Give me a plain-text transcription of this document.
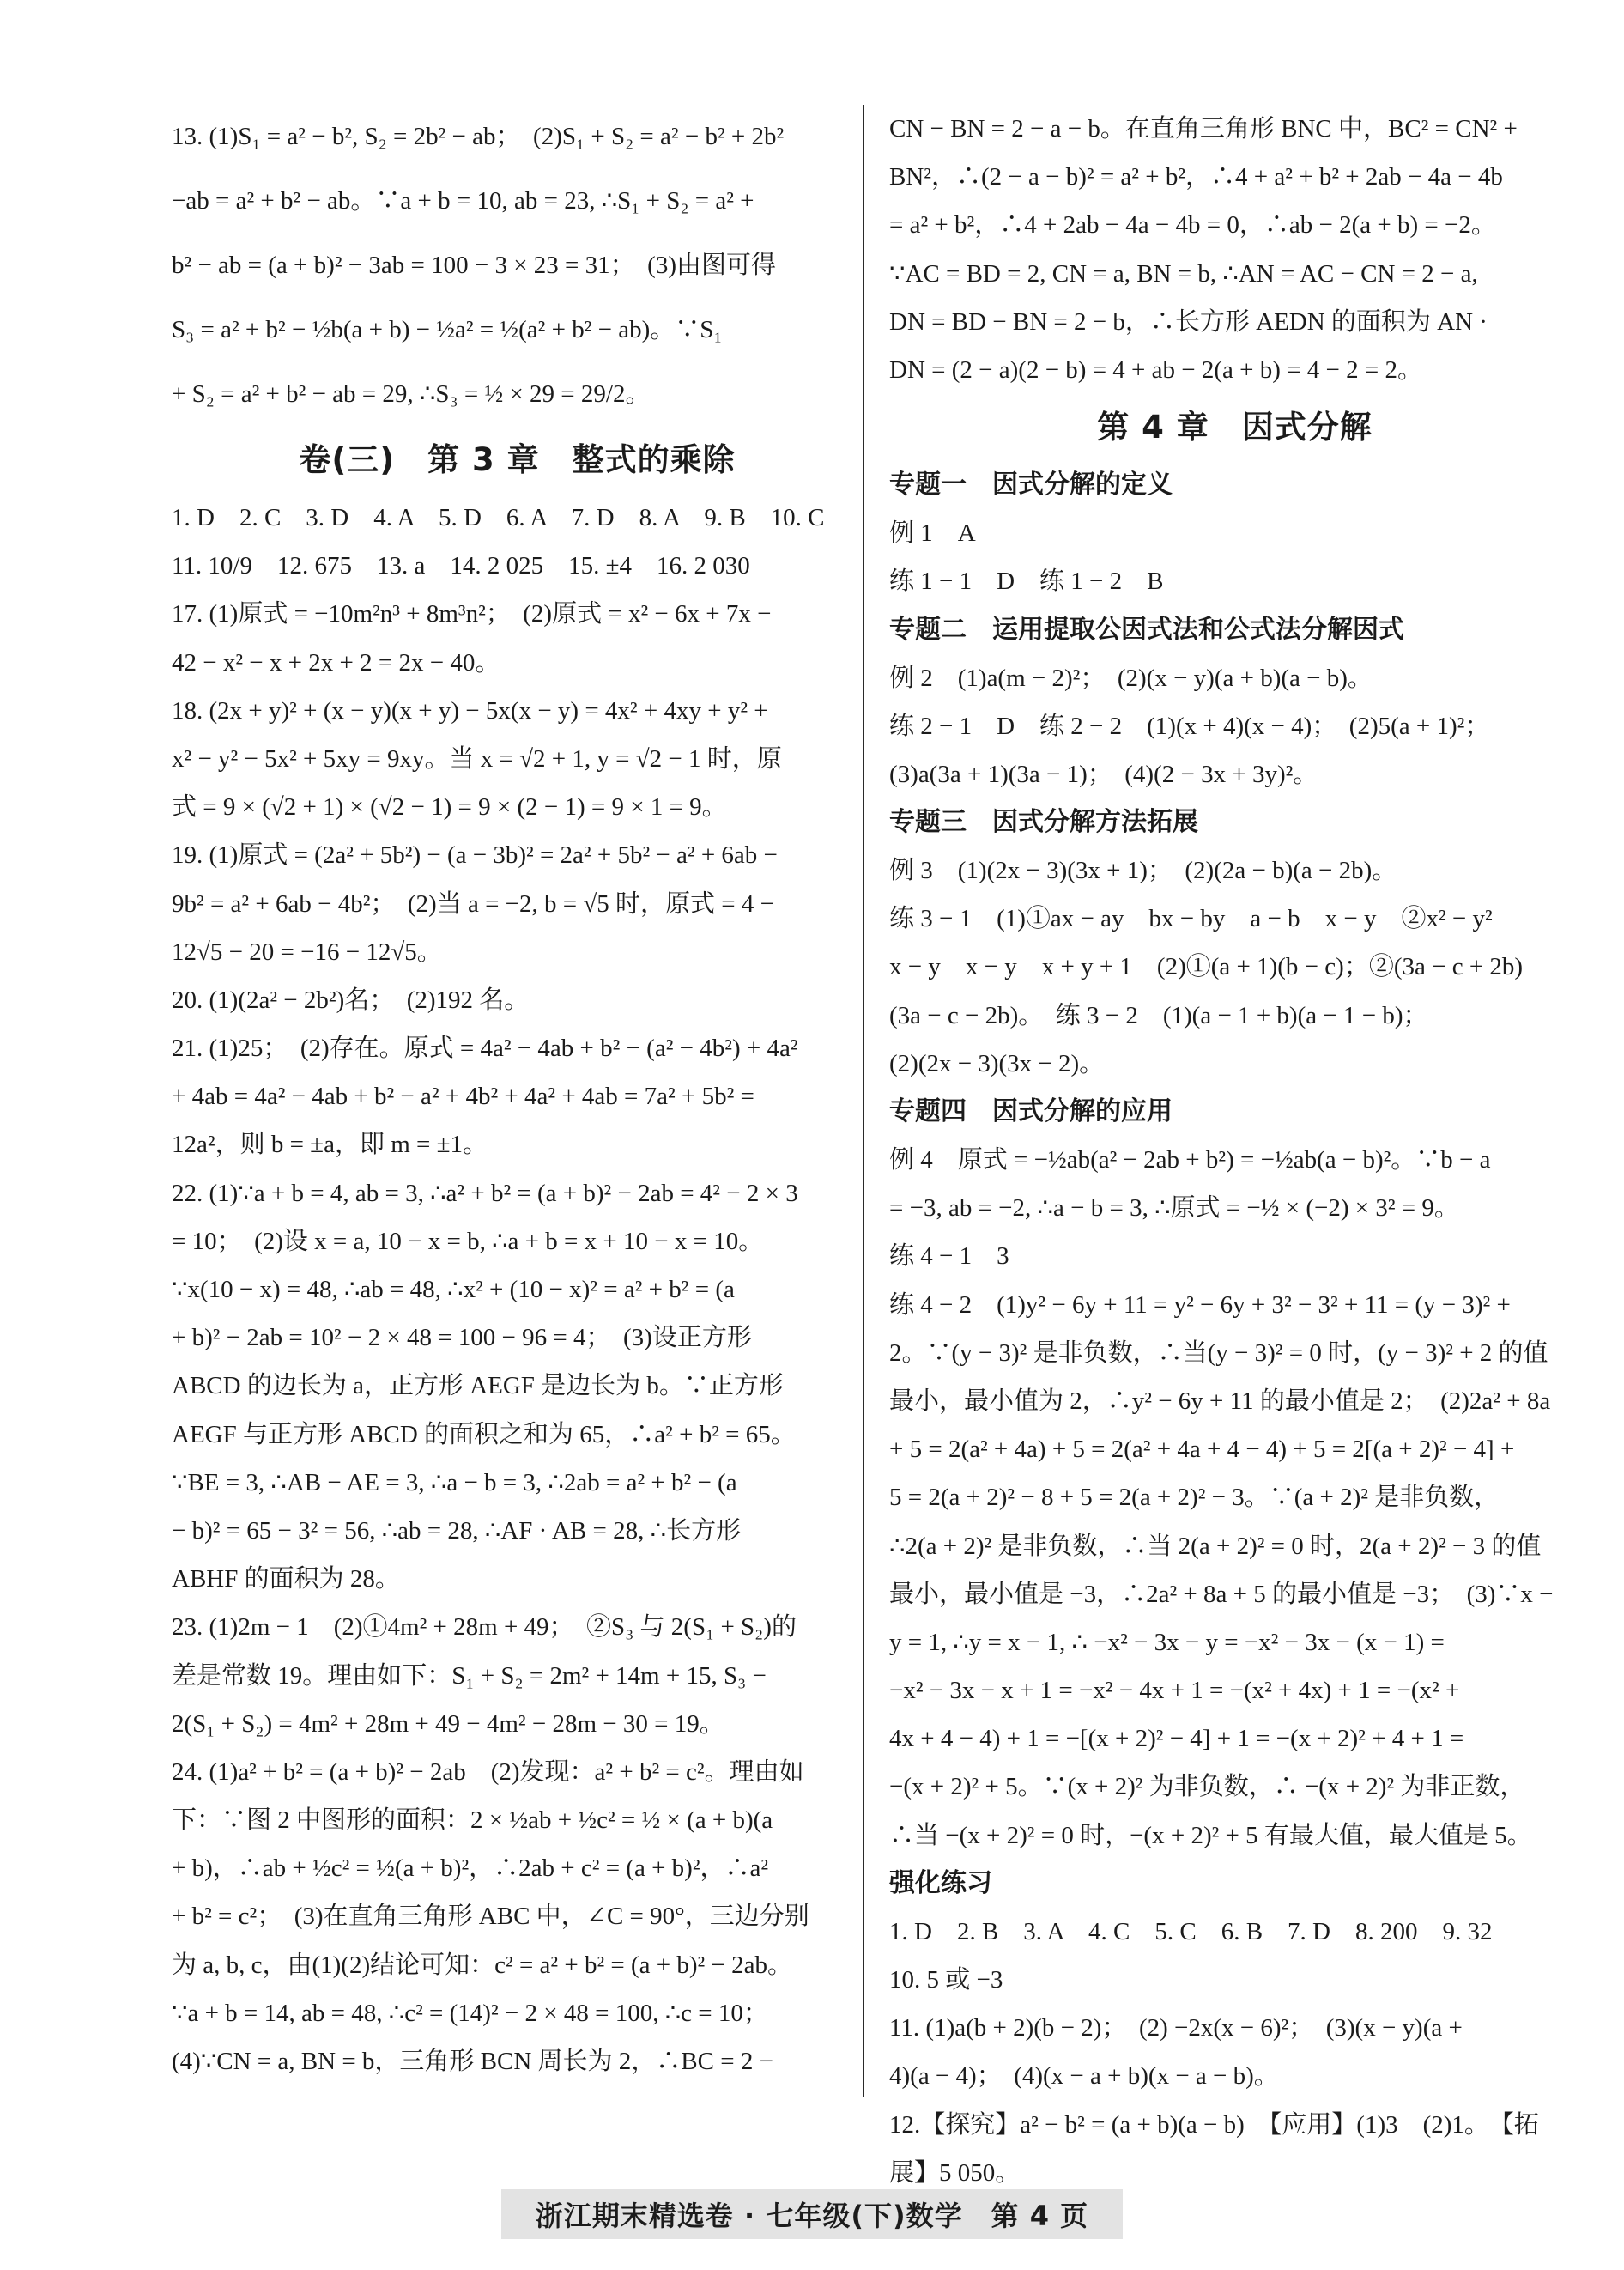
13. (1)S₁ = a² − b², S₂ = 2b² − ab；　(2)S₁ + S₂ = a² − b² + 2b²
−ab = a² + b² − ab。∵a + b = 10, ab = 23, ∴S₁ + S₂ = a² +
b² − ab = (a + b)² − 3ab = 100 − 3 × 23 = 31；　(3)由图可得
S₃ = a² + b² − ½b(a + b) − ½a² = ½(a² + b² − ab)。∵S₁
+ S₂ = a² + b² − ab = 29, ∴S₃ = ½ × 29 = 29/2。
卷(三)　第 3 章　整式的乘除
1. D　2. C　3. D　4. A　5. D　6. A　7. D　8. A　9. B　10. C
11. 10/9　12. 675　13. a　14. 2 025　15. ±4　16. 2 030
17. (1)原式 = −10m²n³ + 8m³n²；　(2)原式 = x² − 6x + 7x −
42 − x² − x + 2x + 2 = 2x − 40。
18. (2x + y)² + (x − y)(x + y) − 5x(x − y) = 4x² + 4xy + y² +
x² − y² − 5x² + 5xy = 9xy。当 x = √2 + 1, y = √2 − 1 时，原
式 = 9 × (√2 + 1) × (√2 − 1) = 9 × (2 − 1) = 9 × 1 = 9。
19. (1)原式 = (2a² + 5b²) − (a − 3b)² = 2a² + 5b² − a² + 6ab −
9b² = a² + 6ab − 4b²；　(2)当 a = −2, b = √5 时，原式 = 4 −
12√5 − 20 = −16 − 12√5。
20. (1)(2a² − 2b²)名；　(2)192 名。
21. (1)25；　(2)存在。原式 = 4a² − 4ab + b² − (a² − 4b²) + 4a²
+ 4ab = 4a² − 4ab + b² − a² + 4b² + 4a² + 4ab = 7a² + 5b² =
12a²，则 b = ±a，即 m = ±1。
22. (1)∵a + b = 4, ab = 3, ∴a² + b² = (a + b)² − 2ab = 4² − 2 × 3
= 10；　(2)设 x = a, 10 − x = b, ∴a + b = x + 10 − x = 10。
∵x(10 − x) = 48, ∴ab = 48, ∴x² + (10 − x)² = a² + b² = (a
+ b)² − 2ab = 10² − 2 × 48 = 100 − 96 = 4；　(3)设正方形
ABCD 的边长为 a，正方形 AEGF 是边长为 b。∵正方形
AEGF 与正方形 ABCD 的面积之和为 65，∴a² + b² = 65。
∵BE = 3, ∴AB − AE = 3, ∴a − b = 3, ∴2ab = a² + b² − (a
− b)² = 65 − 3² = 56, ∴ab = 28, ∴AF · AB = 28, ∴长方形
ABHF 的面积为 28。
23. (1)2m − 1　(2)①4m² + 28m + 49；　②S₃ 与 2(S₁ + S₂)的
差是常数 19。理由如下：S₁ + S₂ = 2m² + 14m + 15, S₃ −
2(S₁ + S₂) = 4m² + 28m + 49 − 4m² − 28m − 30 = 19。
24. (1)a² + b² = (a + b)² − 2ab　(2)发现：a² + b² = c²。理由如
下：∵图 2 中图形的面积：2 × ½ab + ½c² = ½ × (a + b)(a
+ b)，∴ab + ½c² = ½(a + b)²，∴2ab + c² = (a + b)²，∴a²
+ b² = c²；　(3)在直角三角形 ABC 中，∠C = 90°，三边分别
为 a, b, c，由(1)(2)结论可知：c² = a² + b² = (a + b)² − 2ab。
∵a + b = 14, ab = 48, ∴c² = (14)² − 2 × 48 = 100, ∴c = 10；
(4)∵CN = a, BN = b，三角形 BCN 周长为 2，∴BC = 2 −
CN − BN = 2 − a − b。在直角三角形 BNC 中，BC² = CN² +
BN²，∴(2 − a − b)² = a² + b²，∴4 + a² + b² + 2ab − 4a − 4b
= a² + b²，∴4 + 2ab − 4a − 4b = 0，∴ab − 2(a + b) = −2。
∵AC = BD = 2, CN = a, BN = b, ∴AN = AC − CN = 2 − a,
DN = BD − BN = 2 − b，∴长方形 AEDN 的面积为 AN ·
DN = (2 − a)(2 − b) = 4 + ab − 2(a + b) = 4 − 2 = 2。
第 4 章　因式分解
专题一　因式分解的定义
例 1　A
练 1 − 1　D　练 1 − 2　B
专题二　运用提取公因式法和公式法分解因式
例 2　(1)a(m − 2)²；　(2)(x − y)(a + b)(a − b)。
练 2 − 1　D　练 2 − 2　(1)(x + 4)(x − 4)；　(2)5(a + 1)²；
(3)a(3a + 1)(3a − 1)；　(4)(2 − 3x + 3y)²。
专题三　因式分解方法拓展
例 3　(1)(2x − 3)(3x + 1)；　(2)(2a − b)(a − 2b)。
练 3 − 1　(1)①ax − ay　bx − by　a − b　x − y　②x² − y²
x − y　x − y　x + y + 1　(2)①(a + 1)(b − c)；②(3a − c + 2b)
(3a − c − 2b)。　练 3 − 2　(1)(a − 1 + b)(a − 1 − b)；
(2)(2x − 3)(3x − 2)。
专题四　因式分解的应用
例 4　原式 = −½ab(a² − 2ab + b²) = −½ab(a − b)²。∵b − a
= −3, ab = −2, ∴a − b = 3, ∴原式 = −½ × (−2) × 3² = 9。
练 4 − 1　3
练 4 − 2　(1)y² − 6y + 11 = y² − 6y + 3² − 3² + 11 = (y − 3)² +
2。∵(y − 3)² 是非负数，∴当(y − 3)² = 0 时，(y − 3)² + 2 的值
最小，最小值为 2，∴y² − 6y + 11 的最小值是 2；　(2)2a² + 8a
+ 5 = 2(a² + 4a) + 5 = 2(a² + 4a + 4 − 4) + 5 = 2[(a + 2)² − 4] +
5 = 2(a + 2)² − 8 + 5 = 2(a + 2)² − 3。∵(a + 2)² 是非负数，
∴2(a + 2)² 是非负数，∴当 2(a + 2)² = 0 时，2(a + 2)² − 3 的值
最小，最小值是 −3，∴2a² + 8a + 5 的最小值是 −3；　(3)∵x −
y = 1, ∴y = x − 1, ∴ −x² − 3x − y = −x² − 3x − (x − 1) =
−x² − 3x − x + 1 = −x² − 4x + 1 = −(x² + 4x) + 1 = −(x² +
4x + 4 − 4) + 1 = −[(x + 2)² − 4] + 1 = −(x + 2)² + 4 + 1 =
−(x + 2)² + 5。∵(x + 2)² 为非负数，∴ −(x + 2)² 为非正数，
∴当 −(x + 2)² = 0 时，−(x + 2)² + 5 有最大值，最大值是 5。
强化练习
1. D　2. B　3. A　4. C　5. C　6. B　7. D　8. 200　9. 32
10. 5 或 −3
11. (1)a(b + 2)(b − 2)；　(2) −2x(x − 6)²；　(3)(x − y)(a +
4)(a − 4)；　(4)(x − a + b)(x − a − b)。
12.【探究】a² − b² = (a + b)(a − b)　【应用】(1)3　(2)1。　【拓
展】5 050。
浙江期末精选卷 · 七年级(下)数学　第 4 页
